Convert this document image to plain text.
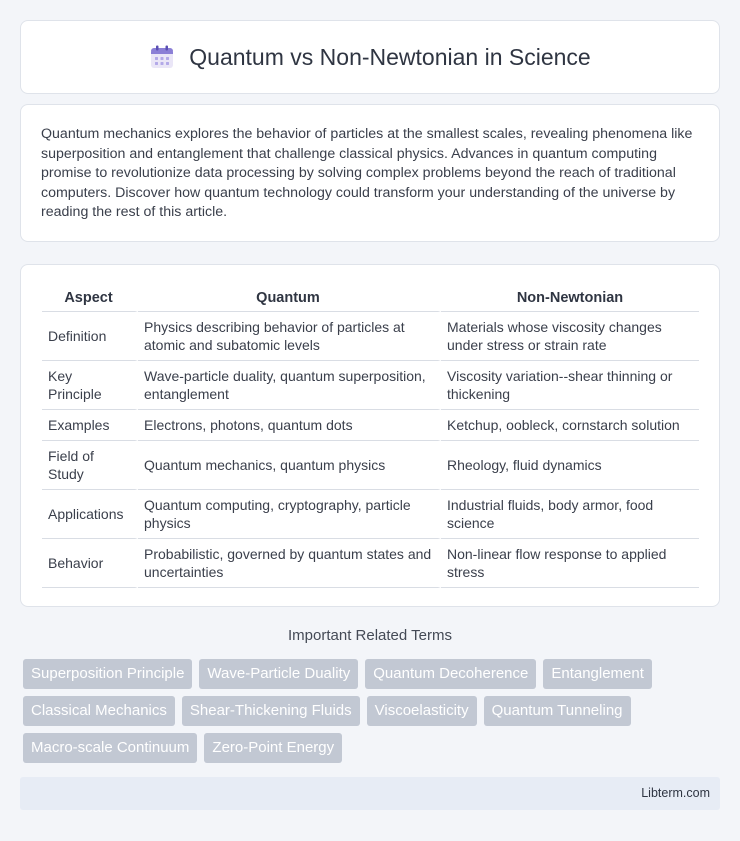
Quantum vs Non-Newtonian in Science

Quantum mechanics explores the behavior of particles at the smallest scales, revealing phenomena like superposition and entanglement that challenge classical physics. Advances in quantum computing promise to revolutionize data processing by solving complex problems beyond the reach of traditional computers. Discover how quantum technology could transform your understanding of the universe by reading the rest of this article.

Aspect	Quantum	Non-Newtonian
Definition	Physics describing behavior of particles at atomic and subatomic levels	Materials whose viscosity changes under stress or strain rate
Key Principle	Wave-particle duality, quantum superposition, entanglement	Viscosity variation--shear thinning or thickening
Examples	Electrons, photons, quantum dots	Ketchup, oobleck, cornstarch solution
Field of Study	Quantum mechanics, quantum physics	Rheology, fluid dynamics
Applications	Quantum computing, cryptography, particle physics	Industrial fluids, body armor, food science
Behavior	Probabilistic, governed by quantum states and uncertainties	Non-linear flow response to applied stress
Important Related Terms
Superposition Principle	Wave-Particle Duality	Quantum Decoherence	Entanglement
Classical Mechanics	Shear-Thickening Fluids	Viscoelasticity	Quantum Tunneling
Macro-scale Continuum	Zero-Point Energy
Libterm.com
